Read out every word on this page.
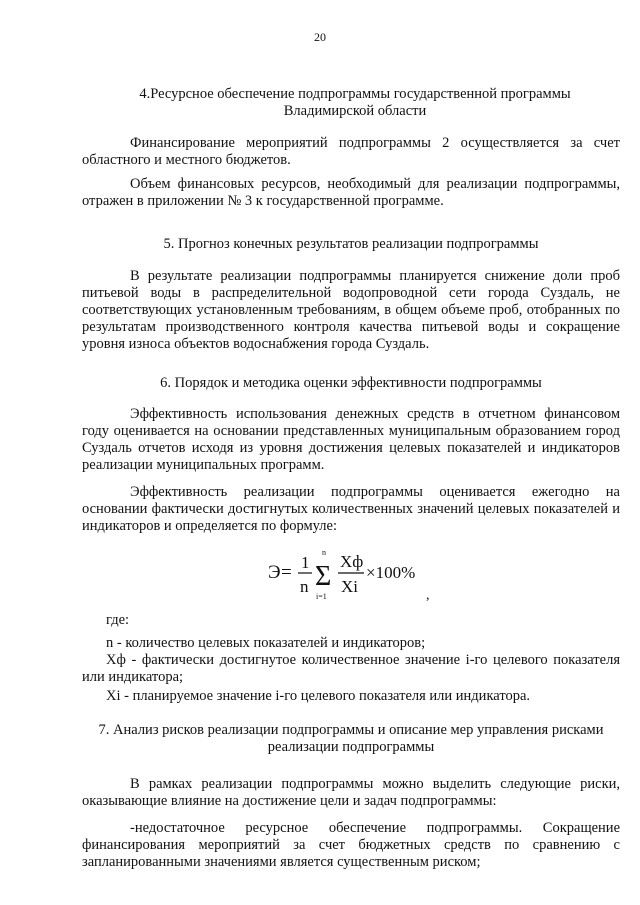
20
4.Ресурсное обеспечение подпрограммы государственной программы
Владимирской области
Финансирование мероприятий подпрограммы 2 осуществляется за счет областного и местного бюджетов.
Объем финансовых ресурсов, необходимый для реализации подпрограммы, отражен в приложении № 3 к государственной программе.
5. Прогноз конечных результатов реализации подпрограммы
В результате реализации подпрограммы планируется снижение доли проб питьевой воды в распределительной водопроводной сети города Суздаль, не соответствующих установленным требованиям, в общем объеме проб, отобранных по результатам производственного контроля качества питьевой воды и сокращение уровня износа объектов водоснабжения города Суздаль.
6. Порядок и методика оценки эффективности подпрограммы
Эффективность использования денежных средств в отчетном финансовом году оценивается на основании представленных муниципальным образованием город Суздаль отчетов исходя из уровня достижения целевых показателей и индикаторов реализации муниципальных программ.
Эффективность реализации подпрограммы оценивается ежегодно на основании фактически достигнутых количественных значений целевых показателей и индикаторов и определяется по формуле:
Э = 1
n
n
Σ
i=1
Xф
Xi
×100%
,
где:
n - количество целевых показателей и индикаторов;
Xф - фактически достигнутое количественное значение i-го целевого показателя или индикатора;
Xi - планируемое значение i-го целевого показателя или индикатора.
7. Анализ рисков реализации подпрограммы и описание мер управления рисками
реализации подпрограммы
В рамках реализации подпрограммы можно выделить следующие риски, оказывающие влияние на достижение цели и задач подпрограммы:
-недостаточное ресурсное обеспечение подпрограммы. Сокращение финансирования мероприятий за счет бюджетных средств по сравнению с запланированными значениями является существенным риском;
